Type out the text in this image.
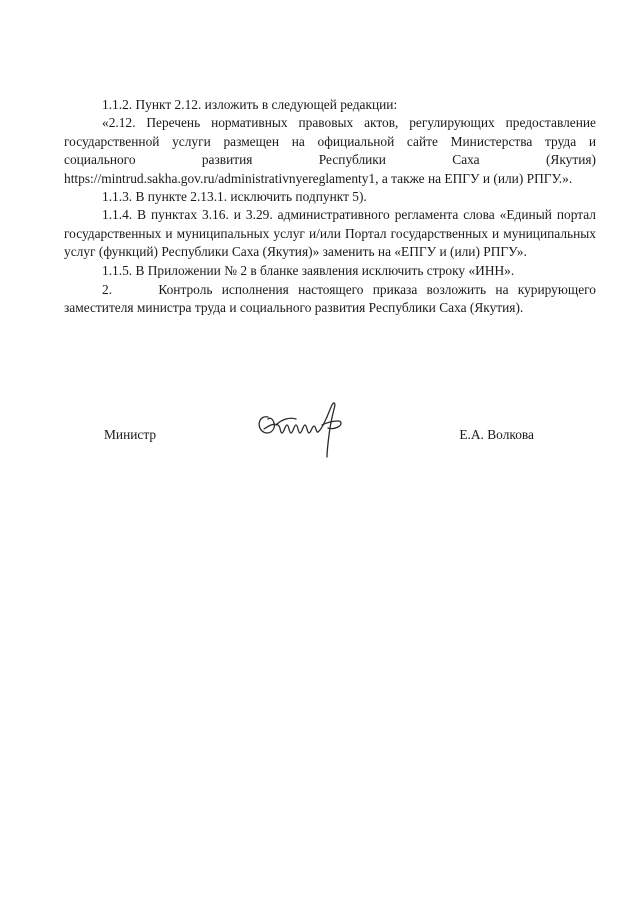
1.1.2. Пункт 2.12. изложить в следующей редакции:

«2.12. Перечень нормативных правовых актов, регулирующих предоставление государственной услуги размещен на официальной сайте Министерства труда и социального развития Республики Саха (Якутия) https://mintrud.sakha.gov.ru/administrativnyereglamenty1, а также на ЕПГУ и (или) РПГУ.».

1.1.3. В пункте 2.13.1. исключить подпункт 5).

1.1.4. В пунктах 3.16. и 3.29. административного регламента слова «Единый портал государственных и муниципальных услуг и/или Портал государственных и муниципальных услуг (функций) Республики Саха (Якутия)» заменить на «ЕПГУ и (или) РПГУ».

1.1.5. В Приложении № 2 в бланке заявления исключить строку «ИНН».

2.     Контроль исполнения настоящего приказа возложить на курирующего заместителя министра труда и социального развития Республики Саха (Якутия).

Министр	Е.А. Волкова
